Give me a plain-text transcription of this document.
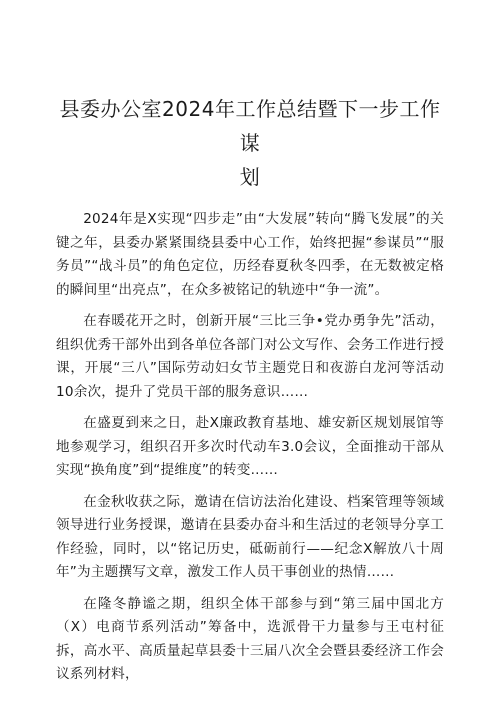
县委办公室2024年工作总结暨下一步工作谋
划

2024年是X实现“四步走”由“大发展”转向“腾飞发展”的关键之年，县委办紧紧围绕县委中心工作，始终把握“参谋员”“服务员”“战斗员”的角色定位，历经春夏秋冬四季，在无数被定格的瞬间里“出亮点”，在众多被铭记的轨迹中“争一流”。

在春暖花开之时，创新开展“三比三争•党办勇争先”活动，组织优秀干部外出到各单位各部门对公文写作、会务工作进行授课，开展“三八”国际劳动妇女节主题党日和夜游白龙河等活动10余次，提升了党员干部的服务意识……

在盛夏到来之日，赴X廉政教育基地、雄安新区规划展馆等地参观学习，组织召开多次时代动车3.0会议，全面推动干部从实现“换角度”到“提维度”的转变……

在金秋收获之际，邀请在信访法治化建设、档案管理等领域领导进行业务授课，邀请在县委办奋斗和生活过的老领导分享工作经验，同时，以“铭记历史，砥砺前行——纪念X解放八十周年”为主题撰写文章，激发工作人员干事创业的热情……

在隆冬静谧之期，组织全体干部参与到“第三届中国北方（X）电商节系列活动”筹备中，选派骨干力量参与王屯村征拆，高水平、高质量起草县委十三届八次全会暨县委经济工作会议系列材料，
